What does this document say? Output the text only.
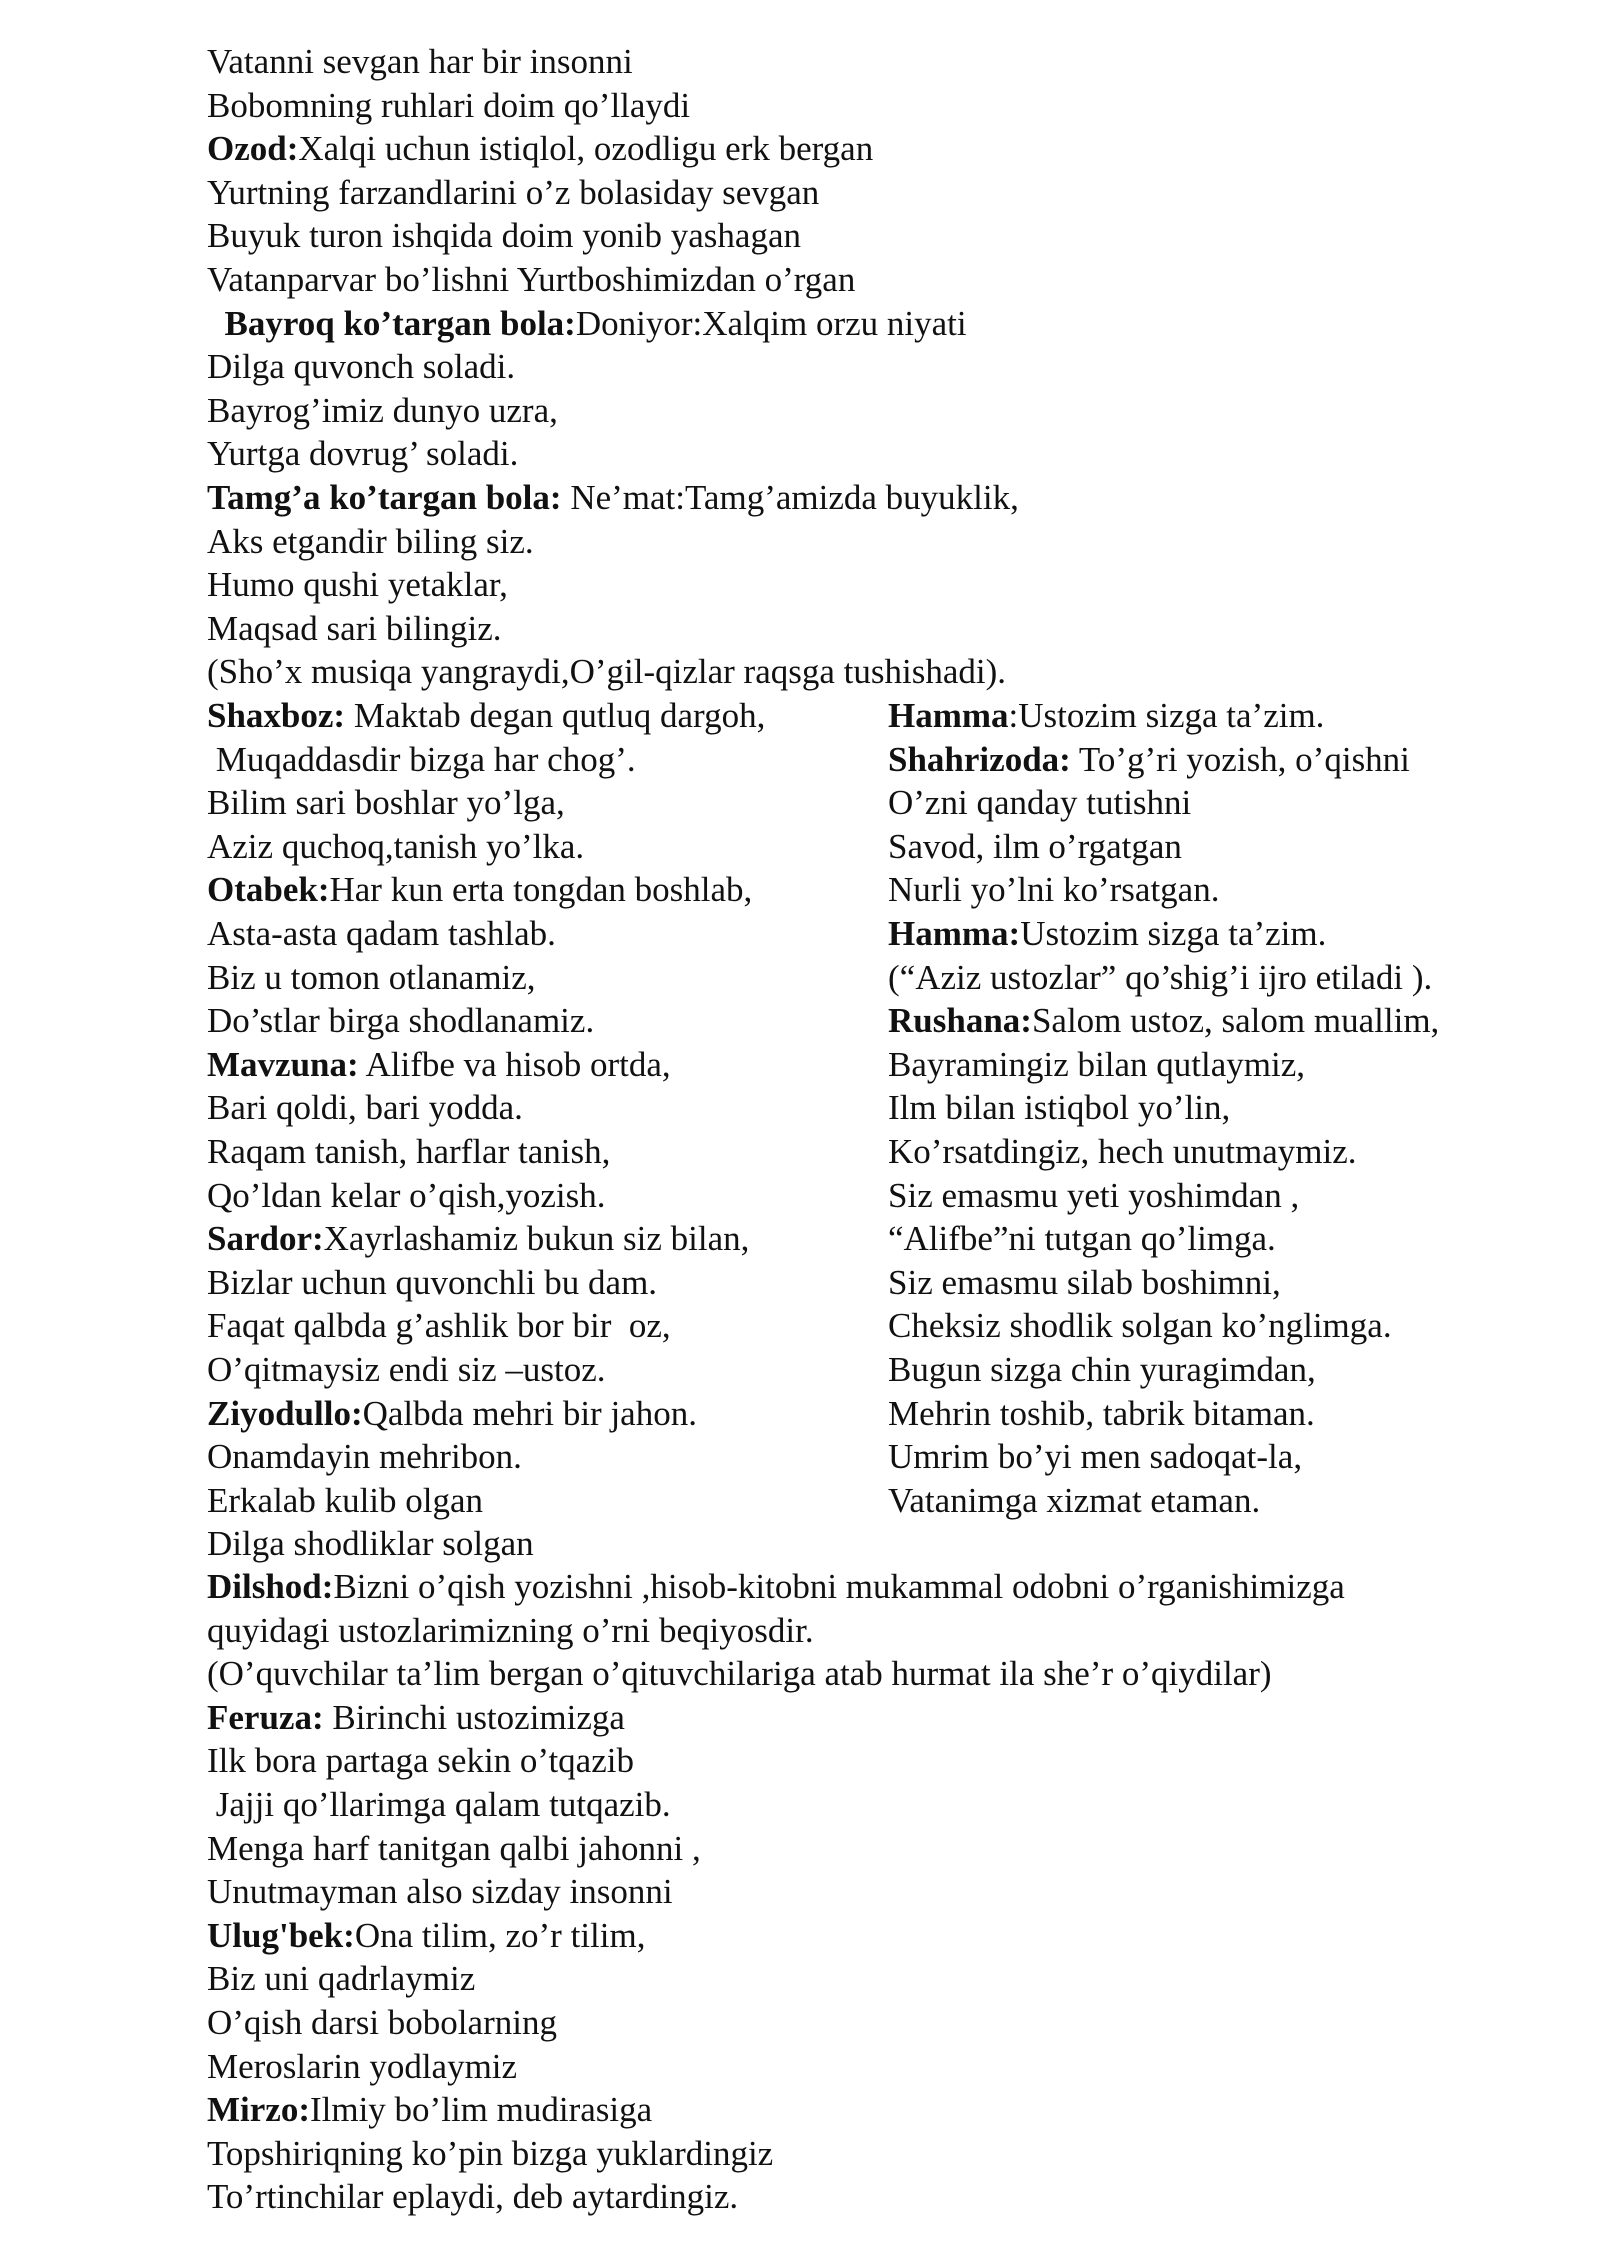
Vatanni sevgan har bir insonni
Bobomning ruhlari doim qo’llaydi
Ozod:Xalqi uchun istiqlol, ozodligu erk bergan
Yurtning farzandlarini o’z bolasiday sevgan
Buyuk turon ishqida doim yonib yashagan
Vatanparvar bo’lishni Yurtboshimizdan o’rgan
Bayroq ko’targan bola:Doniyor:Xalqim orzu niyati
Dilga quvonch soladi.
Bayrog’imiz dunyo uzra,
Yurtga dovrug’ soladi.
Tamg’a ko’targan bola: Ne’mat:Tamg’amizda buyuklik,
Aks etgandir biling siz.
Humo qushi yetaklar,
Maqsad sari bilingiz.
(Sho’x musiqa yangraydi,O’gil-qizlar raqsga tushishadi).
Shaxboz: Maktab degan qutluq dargoh,
Muqaddasdir bizga har chog’.
Bilim sari boshlar yo’lga,
Aziz quchoq,tanish yo’lka.
Otabek:Har kun erta tongdan boshlab,
Asta-asta qadam tashlab.
Biz u tomon otlanamiz,
Do’stlar birga shodlanamiz.
Mavzuna: Alifbe va hisob ortda,
Bari qoldi, bari yodda.
Raqam tanish, harflar tanish,
Qo’ldan kelar o’qish,yozish.
Sardor:Xayrlashamiz bukun siz bilan,
Bizlar uchun quvonchli bu dam.
Faqat qalbda g’ashlik bor bir  oz,
O’qitmaysiz endi siz –ustoz.
Ziyodullo:Qalbda mehri bir jahon.
Onamdayin mehribon.
Erkalab kulib olgan
Dilga shodliklar solgan
Hamma:Ustozim sizga ta’zim.
Shahrizoda: To’g’ri yozish, o’qishni
O’zni qanday tutishni
Savod, ilm o’rgatgan
Nurli yo’lni ko’rsatgan.
Hamma:Ustozim sizga ta’zim.
(“Aziz ustozlar” qo’shig’i ijro etiladi ).
Rushana:Salom ustoz, salom muallim,
Bayramingiz bilan qutlaymiz,
Ilm bilan istiqbol yo’lin,
Ko’rsatdingiz, hech unutmaymiz.
Siz emasmu yeti yoshimdan ,
“Alifbe”ni tutgan qo’limga.
Siz emasmu silab boshimni,
Cheksiz shodlik solgan ko’nglimga.
Bugun sizga chin yuragimdan,
Mehrin toshib, tabrik bitaman.
Umrim bo’yi men sadoqat-la,
Vatanimga xizmat etaman.
Dilshod:Bizni o’qish yozishni ,hisob-kitobni mukammal odobni o’rganishimizga
quyidagi ustozlarimizning o’rni beqiyosdir.
(O’quvchilar ta’lim bergan o’qituvchilariga atab hurmat ila she’r o’qiydilar)
Feruza: Birinchi ustozimizga
Ilk bora partaga sekin o’tqazib
Jajji qo’llarimga qalam tutqazib.
Menga harf tanitgan qalbi jahonni ,
Unutmayman also sizday insonni
Ulug'bek:Ona tilim, zo’r tilim,
Biz uni qadrlaymiz
O’qish darsi bobolarning
Meroslarin yodlaymiz
Mirzo:Ilmiy bo’lim mudirasiga
Topshiriqning ko’pin bizga yuklardingiz
To’rtinchilar eplaydi, deb aytardingiz.
